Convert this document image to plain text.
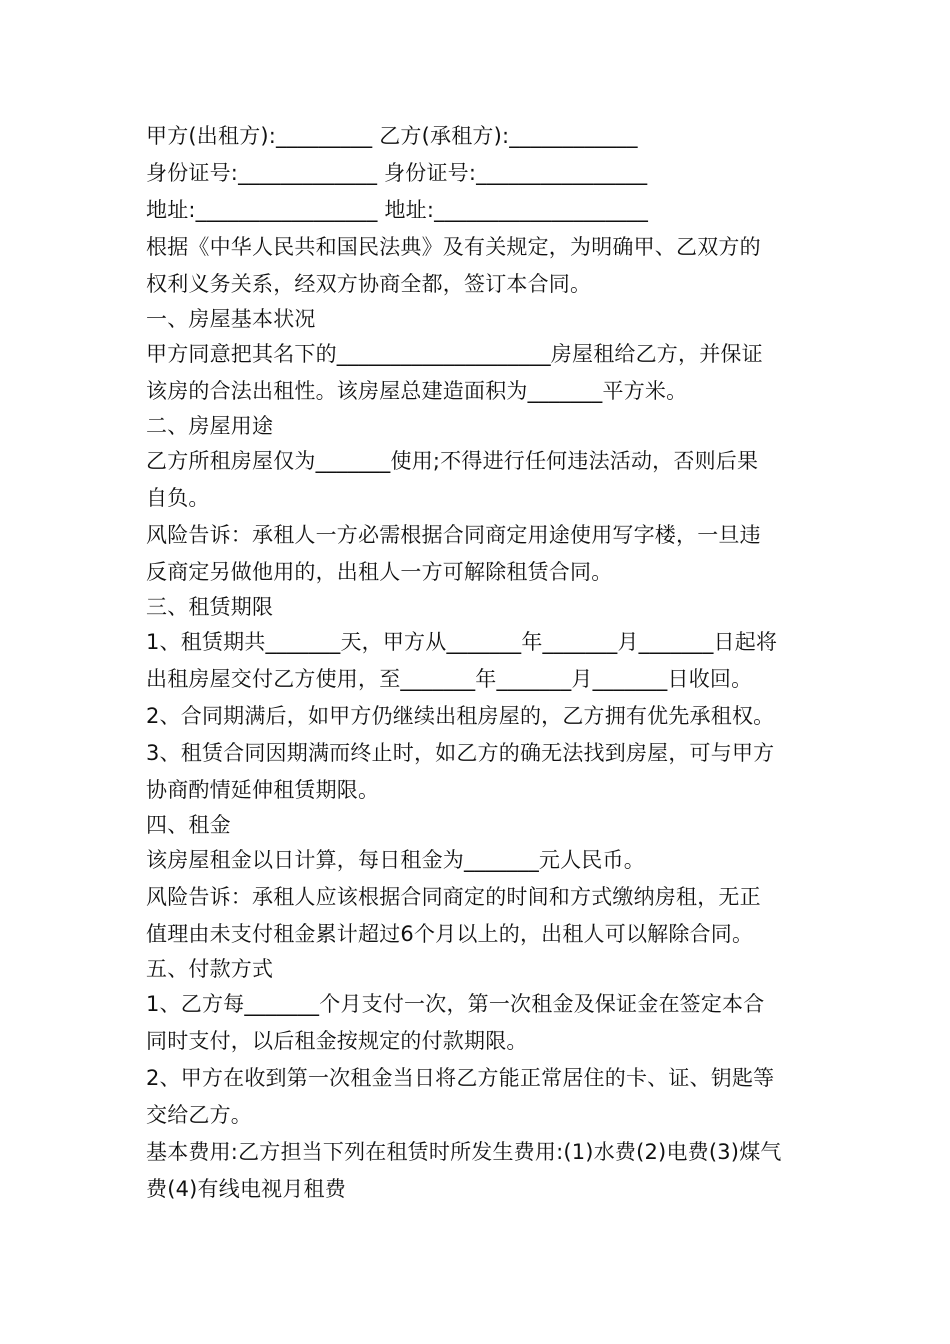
甲方(出租方):_________ 乙方(承租方):____________
身份证号:_____________ 身份证号:________________
地址:_________________ 地址:____________________
根据《中华人民共和国民法典》及有关规定，为明确甲、乙双方的
权利义务关系，经双方协商全都，签订本合同。
一、房屋基本状况
甲方同意把其名下的____________________房屋租给乙方，并保证
该房的合法出租性。该房屋总建造面积为_______平方米。
二、房屋用途
乙方所租房屋仅为_______使用;不得进行任何违法活动，否则后果
自负。
风险告诉：承租人一方必需根据合同商定用途使用写字楼，一旦违
反商定另做他用的，出租人一方可解除租赁合同。
三、租赁期限
1、租赁期共_______天，甲方从_______年_______月_______日起将
出租房屋交付乙方使用，至_______年_______月_______日收回。
2、合同期满后，如甲方仍继续出租房屋的，乙方拥有优先承租权。
3、租赁合同因期满而终止时，如乙方的确无法找到房屋，可与甲方
协商酌情延伸租赁期限。
四、租金
该房屋租金以日计算，每日租金为_______元人民币。
风险告诉：承租人应该根据合同商定的时间和方式缴纳房租，无正
值理由未支付租金累计超过6个月以上的，出租人可以解除合同。
五、付款方式
1、乙方每_______个月支付一次，第一次租金及保证金在签定本合
同时支付，以后租金按规定的付款期限。
2、甲方在收到第一次租金当日将乙方能正常居住的卡、证、钥匙等
交给乙方。
基本费用:乙方担当下列在租赁时所发生费用:(1)水费(2)电费(3)煤气
费(4)有线电视月租费
